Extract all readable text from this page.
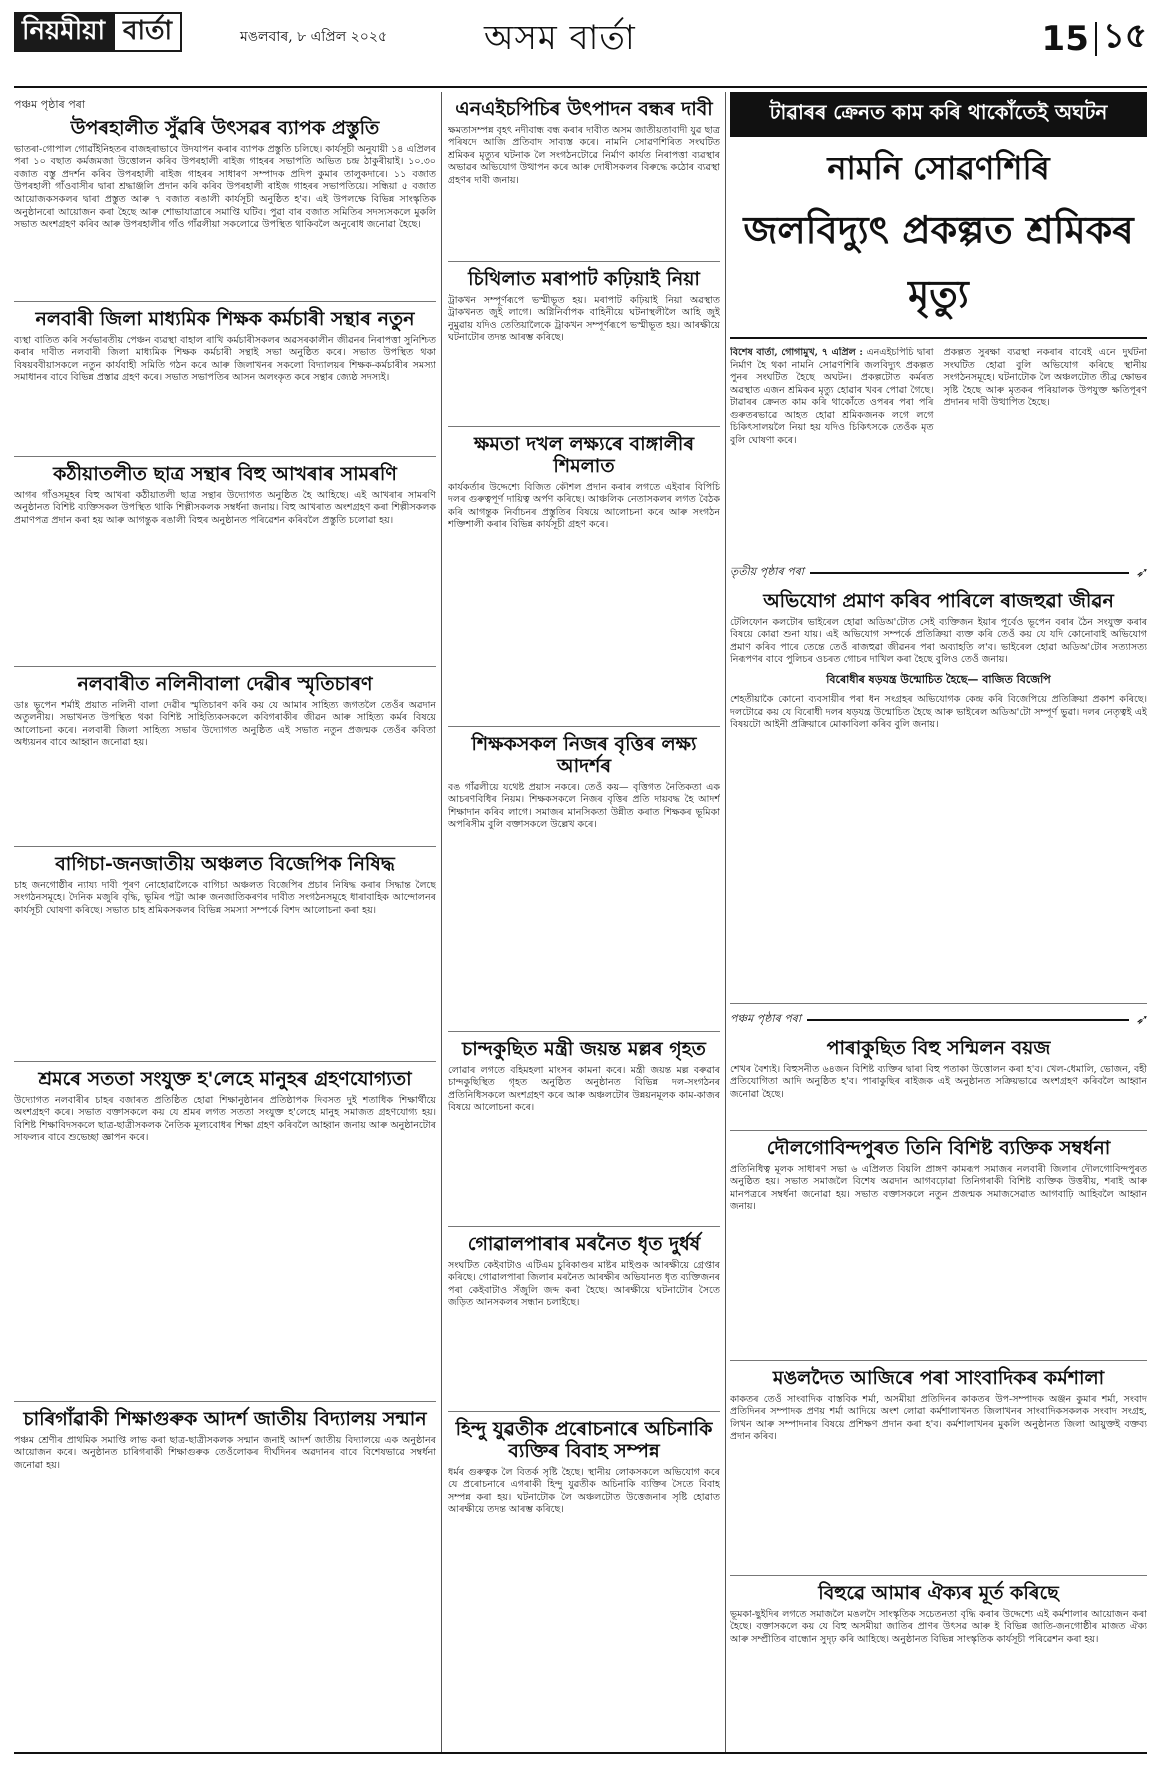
নিয়মীয়া বাৰ্তা	মঙলবাৰ, ৮ এপ্ৰিল ২০২৫	অসম বাৰ্তা	15 ১৫
পঞ্চম পৃষ্ঠাৰ পৰা
উপৰহালীত সুঁৱৰি উৎসৱৰ ব্যাপক প্ৰস্তুতি
ভাতৰা-গোপাল গোৱাঁইনিহতৰ বাজহৰাভাবে উদযাপন কৰাৰ ব্যাপক প্ৰস্তুতি চলিছে। কাৰ্যসূচী অনুযায়ী ১৪ এপ্ৰিলৰ পৰা ১০ বছাত কৰ্মজমজা উত্তোলন কৰিব উপৰহালী ৰাইজ গাহৰৰ সভাপতি অভিত চন্দ্ৰ ঠাকুৰীয়াই। ১০.৩০ বজাত বস্তু প্ৰদৰ্শন কৰিব উপৰহালী ৰাইজ গাহৰৰ সাধাৰণ সম্পাদক প্ৰদিপ কুমাৰ তালুকদাৰে। ১১ বজাত উপৰহালী গাঁওবাসীৰ দ্বাৰা শ্ৰদ্ধাঞ্জলি প্ৰদান কৰি কৰিব উপৰহালী ৰাইজ গাহৰৰ সভাপতিয়ে। সন্ধিয়া ৫ বজাত আয়োজকসকলৰ দ্বাৰা প্ৰস্তুত আৰু ৭ বজাত ৰঙালী কাৰ্যসূচী অনুষ্ঠিত হ'ব। এই উপলক্ষে বিভিন্ন সাংস্কৃতিক অনুষ্ঠানৰো আয়োজন কৰা হৈছে আৰু শোভাযাত্ৰাৰে সমাপ্তি ঘটিব। পুৱা বাৰ বজাত সমিতিৰ সদস্যসকলে মুকলি সভাত অংশগ্ৰহণ কৰিব আৰু উপৰহালীৰ গাঁও গাঁৱলীয়া সকলোৱে উপস্থিত থাকিবলৈ অনুৰোধ জনোৱা হৈছে।
নলবাৰী জিলা মাধ্যমিক শিক্ষক কৰ্মচাৰী সন্থাৰ নতুন
ব্যস্থা বাতিত কৰি সৰ্বভাৰতীয় পেঞ্চন ব্যৱস্থা বাহাল ৰাখি কৰ্মচাৰীসকলৰ অৱসৰকালীন জীৱনৰ নিৰাপত্তা সুনিশ্চিত কৰাৰ দাবীত নলবাৰী জিলা মাধ্যমিক শিক্ষক কৰ্মচাৰী সন্থাই সভা অনুষ্ঠিত কৰে। সভাত উপস্থিত থকা বিষয়ববীয়াসকলে নতুন কাৰ্যবাহী সমিতি গঠন কৰে আৰু জিলাখনৰ সকলো বিদ্যালয়ৰ শিক্ষক-কৰ্মচাৰীৰ সমস্যা সমাধানৰ বাবে বিভিন্ন প্ৰস্তাৱ গ্ৰহণ কৰে। সভাত সভাপতিৰ আসন অলংকৃত কৰে সন্থাৰ জ্যেষ্ঠ সদস্যই।
কঠীয়াতলীত ছাত্ৰ সন্থাৰ বিহু আখৰাৰ সামৰণি
আগৰ গাঁওসমূহৰ বিহু আখৰা কঠীয়াতলী ছাত্ৰ সন্থাৰ উদ্যোগত অনুষ্ঠিত হৈ আহিছে। এই আখৰাৰ সামৰণি অনুষ্ঠানত বিশিষ্ট ব্যক্তিসকল উপস্থিত থাকি শিল্পীসকলক সম্বৰ্ধনা জনায়। বিহু আখৰাত অংশগ্ৰহণ কৰা শিল্পীসকলক প্ৰমাণপত্ৰ প্ৰদান কৰা হয় আৰু আগন্তুক ৰঙালী বিহুৰ অনুষ্ঠানত পৰিৱেশন কৰিবলৈ প্ৰস্তুতি চলোৱা হয়।
নলবাৰীত নলিনীবালা দেৱীৰ স্মৃতিচাৰণ
ডাঃ ভূপেন শৰ্মাই প্ৰয়াত নলিনী বালা দেৱীৰ স্মৃতিচাৰণ কৰি কয় যে আমাৰ সাহিত্য জগতলৈ তেওঁৰ অৱদান অতুলনীয়। সভাখনত উপস্থিত থকা বিশিষ্ট সাহিত্যিকসকলে কবিগৰাকীৰ জীৱন আৰু সাহিত্য কৰ্মৰ বিষয়ে আলোচনা কৰে। নলবাৰী জিলা সাহিত্য সভাৰ উদ্যোগত অনুষ্ঠিত এই সভাত নতুন প্ৰজন্মক তেওঁৰ কবিতা অধ্যয়নৰ বাবে আহ্বান জনোৱা হয়।
বাগিচা-জনজাতীয় অঞ্চলত বিজেপিক নিষিদ্ধ
চাহ জনগোষ্ঠীৰ ন্যায্য দাবী পূৰণ নোহোৱালৈকে বাগিচা অঞ্চলত বিজেপিৰ প্ৰচাৰ নিষিদ্ধ কৰাৰ সিদ্ধান্ত লৈছে সংগঠনসমূহে। দৈনিক মজুৰি বৃদ্ধি, ভূমিৰ পট্টা আৰু জনজাতিকৰণৰ দাবীত সংগঠনসমূহে ধাৰাবাহিক আন্দোলনৰ কাৰ্যসূচী ঘোষণা কৰিছে। সভাত চাহ শ্ৰমিকসকলৰ বিভিন্ন সমস্যা সম্পৰ্কে বিশদ আলোচনা কৰা হয়।
শ্ৰমৰে সততা সংযুক্ত হ'লেহে মানুহৰ গ্ৰহণযোগ্যতা
উদ্যোগত নলবাৰীৰ চাহৰ বজাৰত প্ৰতিষ্ঠিত হোৱা শিক্ষানুষ্ঠানৰ প্ৰতিষ্ঠাপক দিবসত দুই শতাধিক শিক্ষাৰ্থীয়ে অংশগ্ৰহণ কৰে। সভাত বক্তাসকলে কয় যে শ্ৰমৰ লগত সততা সংযুক্ত হ'লেহে মানুহ সমাজত গ্ৰহণযোগ্য হয়। বিশিষ্ট শিক্ষাবিদসকলে ছাত্ৰ-ছাত্ৰীসকলক নৈতিক মূল্যবোধৰ শিক্ষা গ্ৰহণ কৰিবলৈ আহ্বান জনায় আৰু অনুষ্ঠানটোৰ সাফল্যৰ বাবে শুভেচ্ছা জ্ঞাপন কৰে।
চাৰিগাঁৱাকী শিক্ষাগুৰুক আদৰ্শ জাতীয় বিদ্যালয় সন্মান
পঞ্চম শ্ৰেণীৰ প্ৰাথমিক সমাপ্তি লাভ কৰা ছাত্ৰ-ছাত্ৰীসকলক সন্মান জনাই আদৰ্শ জাতীয় বিদ্যালয়ে এক অনুষ্ঠানৰ আয়োজন কৰে। অনুষ্ঠানত চাৰিগৰাকী শিক্ষাগুৰুক তেওঁলোকৰ দীৰ্ঘদিনৰ অৱদানৰ বাবে বিশেষভাৱে সম্বৰ্ধনা জনোৱা হয়।
এনএইচপিচিৰ উৎপাদন বন্ধৰ দাবী
ক্ষমতাসম্পন্ন বৃহৎ নদীবান্ধ বন্ধ কৰাৰ দাবীত অসম জাতীয়তাবাদী যুৱ ছাত্ৰ পৰিষদে আজি প্ৰতিবাদ সাব্যস্ত কৰে। নামনি সোৱণশিৰিত সংঘটিত শ্ৰমিকৰ মৃত্যুৰ ঘটনাক লৈ সংগঠনটোৱে নিৰ্মাণ কাৰ্যত নিৰাপত্তা ব্যৱস্থাৰ অভাৱৰ অভিযোগ উত্থাপন কৰে আৰু দোষীসকলৰ বিৰুদ্ধে কঠোৰ ব্যৱস্থা গ্ৰহণৰ দাবী জনায়।
চিথিলাত মৰাপাট কঢ়িয়াই নিয়া
ট্ৰাকখন সম্পূৰ্ণৰূপে ভস্মীভূত হয়। মৰাপাট কঢ়িয়াই নিয়া অৱস্থাত ট্ৰাকখনত জুই লাগে। অগ্নিনিৰ্বাপক বাহিনীয়ে ঘটনাস্থলীলৈ আহি জুই নুমুৱায় যদিও তেতিয়ালৈকে ট্ৰাকখন সম্পূৰ্ণৰূপে ভস্মীভূত হয়। আৰক্ষীয়ে ঘটনাটোৰ তদন্ত আৰম্ভ কৰিছে।
ক্ষমতা দখল লক্ষ্যৰে বাঙ্গালীৰ শিমলাত
কাৰ্যকৰ্তাৰ উদ্দেশ্যে বিজিত কৌশল প্ৰদান কৰাৰ লগতে এইবাৰ বিপিচি দলৰ গুৰুত্বপূৰ্ণ দায়িত্ব অৰ্পণ কৰিছে। আঞ্চলিক নেতাসকলৰ লগত বৈঠক কৰি আগন্তুক নিৰ্বাচনৰ প্ৰস্তুতিৰ বিষয়ে আলোচনা কৰে আৰু সংগঠন শক্তিশালী কৰাৰ বিভিন্ন কাৰ্যসূচী গ্ৰহণ কৰে।
শিক্ষকসকল নিজৰ বৃত্তিৰ লক্ষ্য আদৰ্শৰ
বঙ গাঁৱলীয়ে যথেষ্ট প্ৰয়াস নকৰে। তেওঁ কয়— বৃত্তিগত নৈতিকতা এক আচৰণবিধিৰ নিয়ম। শিক্ষকসকলে নিজৰ বৃত্তিৰ প্ৰতি দায়বদ্ধ হৈ আদৰ্শ শিক্ষাদান কৰিব লাগে। সমাজৰ মানসিকতা উন্নীত কৰাত শিক্ষকৰ ভূমিকা অপৰিসীম বুলি বক্তাসকলে উল্লেখ কৰে।
চান্দকুছিত মন্ত্ৰী জয়ন্ত মল্লৰ গৃহত
লোৱাৰ লগতে বহিমহলা মাংসৰ কামনা কৰে। মন্ত্ৰী জয়ন্ত মল্ল বৰুৱাৰ চান্দকুছিস্থিত গৃহত অনুষ্ঠিত অনুষ্ঠানত বিভিন্ন দল-সংগঠনৰ প্ৰতিনিধিসকলে অংশগ্ৰহণ কৰে আৰু অঞ্চলটোৰ উন্নয়নমূলক কাম-কাজৰ বিষয়ে আলোচনা কৰে।
গোৱালপাৰাৰ মৰনৈত ধৃত দুৰ্ধৰ্ষ
সংঘটিত কেইবাটাও এটিএম চুৰিকাণ্ডৰ মাষ্টৰ মাইণ্ডক আৰক্ষীয়ে গ্ৰেপ্তাৰ কৰিছে। গোৱালপাৰা জিলাৰ মৰনৈত আৰক্ষীৰ অভিযানত ধৃত ব্যক্তিজনৰ পৰা কেইবাটাও সঁজুলি জব্দ কৰা হৈছে। আৰক্ষীয়ে ঘটনাটোৰ সৈতে জড়িত আনসকলৰ সন্ধান চলাইছে।
হিন্দু যুৱতীক প্ৰৰোচনাৰে অচিনাকি ব্যক্তিৰ বিবাহ সম্পন্ন
ধৰ্মৰ গুৰুত্বক লৈ বিতৰ্ক সৃষ্টি হৈছে। স্থানীয় লোকসকলে অভিযোগ কৰে যে প্ৰৰোচনাৰে এগৰাকী হিন্দু যুৱতীক অচিনাকি ব্যক্তিৰ সৈতে বিবাহ সম্পন্ন কৰা হয়। ঘটনাটোক লৈ অঞ্চলটোত উত্তেজনাৰ সৃষ্টি হোৱাত আৰক্ষীয়ে তদন্ত আৰম্ভ কৰিছে।
টাৱাৰৰ ক্ৰেনত কাম কৰি থাকোঁতেই অঘটন
নামনি সোৱণশিৰি
জলবিদ্যুৎ প্ৰকল্পত শ্ৰমিকৰ মৃত্যু
বিশেষ বাৰ্তা, গোগামুখ, ৭ এপ্ৰিল : এনএইচপিচি দ্বাৰা নিৰ্মাণ হৈ থকা নামনি সোৱণশিৰি জলবিদ্যুৎ প্ৰকল্পত পুনৰ সংঘটিত হৈছে অঘটন। প্ৰকল্পটোত কৰ্মৰত অৱস্থাত এজন শ্ৰমিকৰ মৃত্যু হোৱাৰ খবৰ পোৱা গৈছে। টাৱাৰৰ ক্ৰেনত কাম কৰি থাকোঁতে ওপৰৰ পৰা পৰি গুৰুতৰভাৱে আহত হোৱা শ্ৰমিকজনক লগে লগে চিকিৎসালয়লৈ নিয়া হয় যদিও চিকিৎসকে তেওঁক মৃত বুলি ঘোষণা কৰে।
প্ৰকল্পত সুৰক্ষা ব্যৱস্থা নকৰাৰ বাবেই এনে দুৰ্ঘটনা সংঘটিত হোৱা বুলি অভিযোগ কৰিছে স্থানীয় সংগঠনসমূহে। ঘটনাটোক লৈ অঞ্চলটোত তীব্ৰ ক্ষোভৰ সৃষ্টি হৈছে আৰু মৃতকৰ পৰিয়ালক উপযুক্ত ক্ষতিপূৰণ প্ৰদানৰ দাবী উত্থাপিত হৈছে।
তৃতীয় পৃষ্ঠাৰ পৰা	➶
অভিযোগ প্ৰমাণ কৰিব পাৰিলে ৰাজহুৱা জীৱন
টেলিফোন কলটোৰ ভাইৰেল হোৱা অডিঅ'টোত সেই ব্যক্তিজন ইয়াৰ পূৰ্বেও ভূপেন বৰাৰ ঠৈন সংযুক্ত কৰাৰ বিষয়ে কোৱা শুনা যায়। এই অভিযোগ সম্পৰ্কে প্ৰতিক্ৰিয়া ব্যক্ত কৰি তেওঁ কয় যে যদি কোনোবাই অভিযোগ প্ৰমাণ কৰিব পাৰে তেন্তে তেওঁ ৰাজহুৱা জীৱনৰ পৰা অব্যাহতি ল'ব। ভাইৰেল হোৱা অডিঅ'টোৰ সত্যাসত্য নিৰূপণৰ বাবে পুলিচৰ ওচৰত গোচৰ দাখিল কৰা হৈছে বুলিও তেওঁ জনায়।
বিৰোধীৰ ষড়যন্ত্ৰ উন্মোচিত হৈছে— বাজিত বিজেপি
শেহতীয়াকৈ কোনো ব্যবসায়ীৰ পৰা ধন সংগ্ৰহৰ অভিযোগক কেন্দ্ৰ কৰি বিজেপিয়ে প্ৰতিক্ৰিয়া প্ৰকাশ কৰিছে। দলটোৱে কয় যে বিৰোধী দলৰ ষড়যন্ত্ৰ উন্মোচিত হৈছে আৰু ভাইৰেল অডিঅ'টো সম্পূৰ্ণ ভুৱা। দলৰ নেতৃত্বই এই বিষয়টো আইনী প্ৰক্ৰিয়াৰে মোকাবিলা কৰিব বুলি জনায়।
পঞ্চম পৃষ্ঠাৰ পৰা	➶
পাৰাকুছিত বিহু সন্মিলন বয়জ
শেখৰ বৈশ্যই। বিহুসনীত ৬৪জন বিশিষ্ট ব্যক্তিৰ দ্বাৰা বিহু পতাকা উত্তোলন কৰা হ'ব। খেল-ধেমালি, ভোজন, বহী প্ৰতিযোগিতা আদি অনুষ্ঠিত হ'ব। পাৰাকুছিৰ ৰাইজক এই অনুষ্ঠানত সক্ৰিয়ভাৱে অংশগ্ৰহণ কৰিবলৈ আহ্বান জনোৱা হৈছে।
দৌলগোবিন্দপুৰত তিনি বিশিষ্ট ব্যক্তিক সম্বৰ্ধনা
প্ৰতিনিধিত্ব মূলক সাধাৰণ সভা ৬ এপ্ৰিলত বিয়লি প্ৰাঙ্গণ কামৰূপ সমাজৰ নলবাৰী জিলাৰ দৌলগোবিন্দপুৰত অনুষ্ঠিত হয়। সভাত সমাজলৈ বিশেষ অৱদান আগবঢ়োৱা তিনিগৰাকী বিশিষ্ট ব্যক্তিক উত্তৰীয়, শৰাই আৰু মানপত্ৰৰে সম্বৰ্ধনা জনোৱা হয়। সভাত বক্তাসকলে নতুন প্ৰজন্মক সমাজসেৱাত আগবাঢ়ি আহিবলৈ আহ্বান জনায়।
মঙলদৈত আজিৰে পৰা সাংবাদিকৰ কৰ্মশালা
কাকতৰ তেওঁ সাংবাদিক বাস্তবিক শৰ্মা, অসমীয়া প্ৰতিদিনৰ কাকতৰ উপ-সম্পাদক অঞ্জন কুমাৰ শৰ্মা, সংবাদ প্ৰতিদিনৰ সম্পাদক প্ৰণয় শৰ্মা আদিয়ে অংশ লোৱা কৰ্মশালাখনত জিলাখনৰ সাংবাদিকসকলক সংবাদ সংগ্ৰহ, লিখন আৰু সম্পাদনাৰ বিষয়ে প্ৰশিক্ষণ প্ৰদান কৰা হ'ব। কৰ্মশালাখনৰ মুকলি অনুষ্ঠানত জিলা আয়ুক্তই বক্তব্য প্ৰদান কৰিব।
বিহুৱে আমাৰ ঐক্যৰ মূৰ্ত কৰিছে
ভূমকা-ছুইদিৰ লগতে সমাজলৈ মঙলদৈ সাংস্কৃতিক সচেতনতা বৃদ্ধি কৰাৰ উদ্দেশ্যে এই কৰ্মশালাৰ আয়োজন কৰা হৈছে। বক্তাসকলে কয় যে বিহু অসমীয়া জাতিৰ প্ৰাণৰ উৎসৱ আৰু ই বিভিন্ন জাতি-জনগোষ্ঠীৰ মাজত ঐক্য আৰু সম্প্ৰীতিৰ বান্ধোন সুদৃঢ় কৰি আহিছে। অনুষ্ঠানত বিভিন্ন সাংস্কৃতিক কাৰ্যসূচী পৰিৱেশন কৰা হয়।
